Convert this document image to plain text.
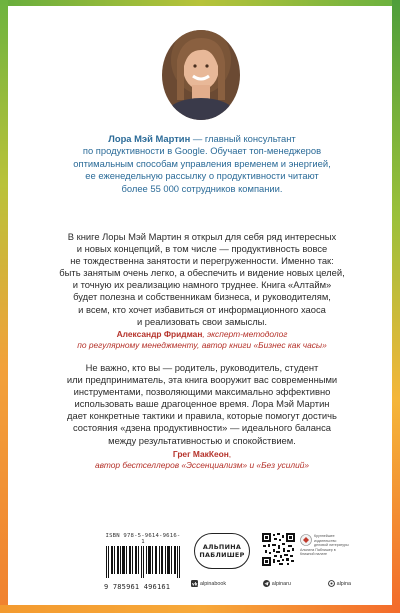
Лора Мэй Мартин — главный консультант
по продуктивности в Google. Обучает топ-менеджеров
оптимальным способам управления временем и энергией,
ее еженедельную рассылку о продуктивности читают
более 55 000 сотрудников компании.
В книге Лоры Мэй Мартин я открыл для себя ряд интересных
и новых концепций, в том числе — продуктивность вовсе
не тождественна занятости и перегруженности. Именно так:
быть занятым очень легко, а обеспечить и видение новых целей,
и точную их реализацию намного труднее. Книга «Алтайм»
будет полезна и собственникам бизнеса, и руководителям,
и всем, кто хочет избавиться от информационного хаоса
и реализовать свои замыслы.
Александр Фридман, эксперт-методолог
по регулярному менеджменту, автор книги «Бизнес как часы»
Не важно, кто вы — родитель, руководитель, студент
или предприниматель, эта книга вооружит вас современными
инструментами, позволяющими максимально эффективно
использовать ваше драгоценное время. Лора Мэй Мартин
дает конкретные тактики и правила, которые помогут достичь
состояния «дзена продуктивности» — идеального баланса
между результативностью и спокойствием.
Грег МакКеон,
автор бестселлеров «Эссенциализм» и «Без усилий»
ISBN 978-5-9614-9616-1
9 785961 496161
АЛЬПИНА
ПАБЛИШЕР
Крупнейшее издательство деловой литературы Альпина Паблишер в Книжной палате
vk alpinabook	alpinaru	alpina
